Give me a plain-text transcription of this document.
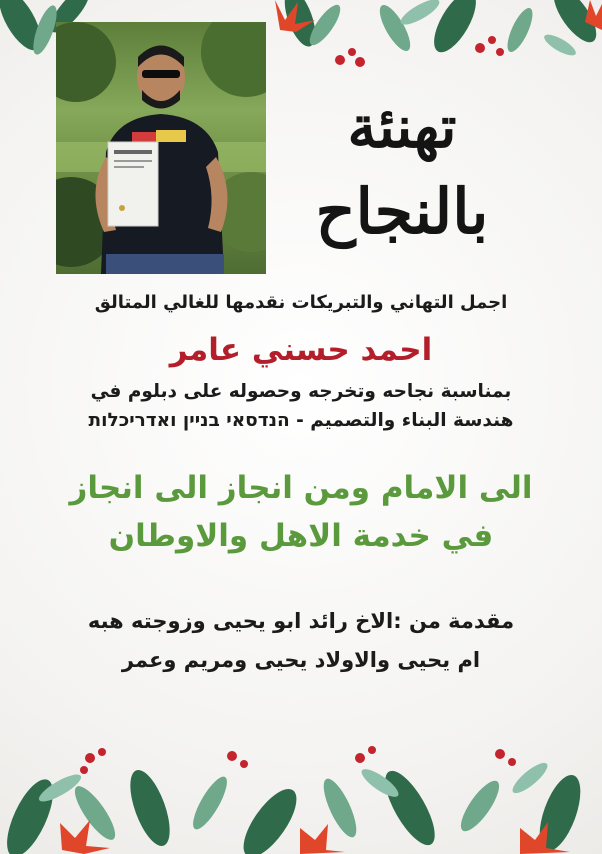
تهنئة
بالنجاح
اجمل التهاني والتبريكات نقدمها للغالي المتالق
احمد حسني عامر
بمناسبة نجاحه وتخرجه وحصوله على دبلوم في
هندسة البناء والتصميم - הנדסאי בניין ואדריכלות
الى الامام ومن انجاز الى انجاز
في خدمة الاهل والاوطان
مقدمة من :الاخ رائد ابو يحيى وزوجته هبه
ام يحيى والاولاد يحيى ومريم وعمر
